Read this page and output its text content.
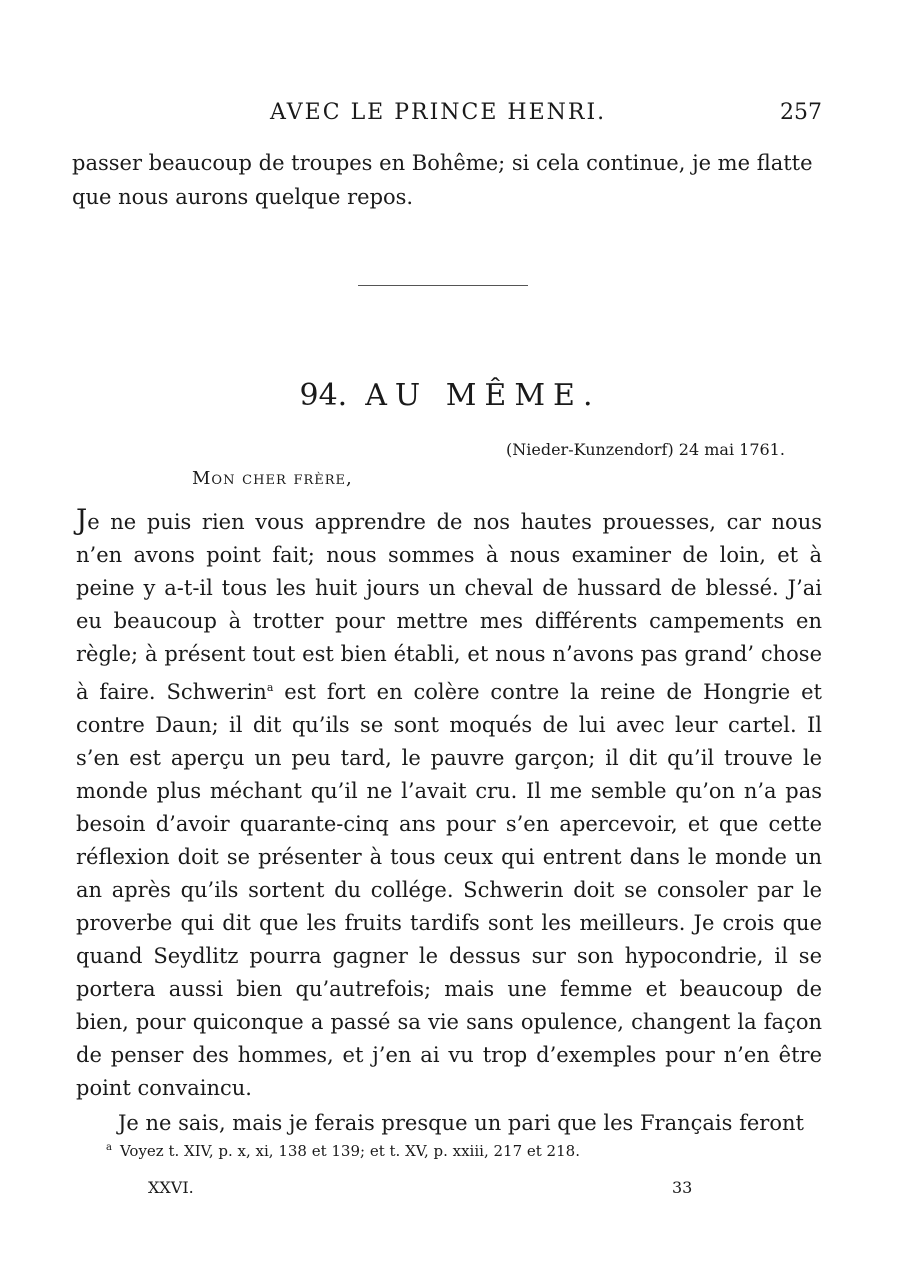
AVEC LE PRINCE HENRI.	257

passer beaucoup de troupes en Bohême; si cela continue, je me flatte

que nous aurons quelque repos.

94. AU MÊME.
(Nieder-Kunzendorf) 24 mai 1761.
Mon cher frère,

Je ne puis rien vous apprendre de nos hautes prouesses, car nous n’en avons point fait; nous sommes à nous examiner de loin, et à peine y a-t-il tous les huit jours un cheval de hussard de blessé. J’ai eu beaucoup à trotter pour mettre mes différents campements en règle; à présent tout est bien établi, et nous n’avons pas grand’ chose à faire. Schwerin$^a$ est fort en colère contre la reine de Hongrie et contre Daun; il dit qu’ils se sont moqués de lui avec leur cartel. Il s’en est aperçu un peu tard, le pauvre garçon; il dit qu’il trouve le monde plus méchant qu’il ne l’avait cru. Il me semble qu’on n’a pas besoin d’avoir quarante-cinq ans pour s’en apercevoir, et que cette réflexion doit se présenter à tous ceux qui entrent dans le monde un an après qu’ils sortent du collége. Schwerin doit se consoler par le proverbe qui dit que les fruits tardifs sont les meilleurs. Je crois que quand Seydlitz pourra gagner le dessus sur son hypocondrie, il se portera aussi bien qu’autrefois; mais une femme et beaucoup de bien, pour quiconque a passé sa vie sans opulence, changent la façon de penser des hommes, et j’en ai vu trop d’exemples pour n’en être point convaincu.

Je ne sais, mais je ferais presque un pari que les Français feront

$^a$ Voyez t. XIV, p. x, xi, 138 et 139; et t. XV, p. xxiii, 217 et 218.
XXVI.	33
